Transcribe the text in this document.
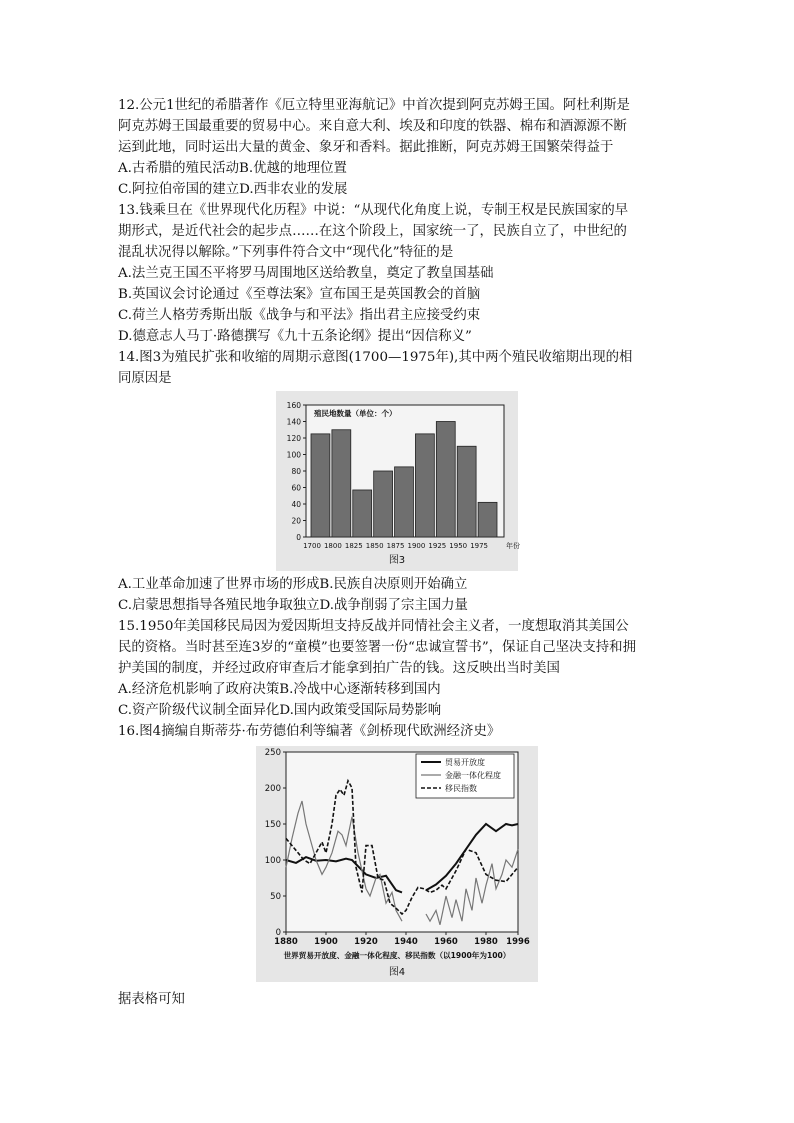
12.公元1世纪的希腊著作《厄立特里亚海航记》中首次提到阿克苏姆王国。阿杜利斯是
阿克苏姆王国最重要的贸易中心。来自意大利、埃及和印度的铁器、棉布和酒源源不断
运到此地，同时运出大量的黄金、象牙和香料。据此推断，阿克苏姆王国繁荣得益于
A.古希腊的殖民活动B.优越的地理位置
C.阿拉伯帝国的建立D.西非农业的发展
13.钱乘旦在《世界现代化历程》中说：“从现代化角度上说，专制王权是民族国家的早
期形式，是近代社会的起步点……在这个阶段上，国家统一了，民族自立了，中世纪的
混乱状况得以解除。”下列事件符合文中“现代化”特征的是
A.法兰克王国丕平将罗马周围地区送给教皇，奠定了教皇国基础
B.英国议会讨论通过《至尊法案》宣布国王是英国教会的首脑
C.荷兰人格劳秀斯出版《战争与和平法》指出君主应接受约束
D.德意志人马丁·路德撰写《九十五条论纲》提出“因信称义”
14.图3为殖民扩张和收缩的周期示意图(1700—1975年),其中两个殖民收缩期出现的相
同原因是
0
20
40
60
80
100
120
140
160
殖民地数量（单位：个）
1700 1800 1825 1850 1875 1900 1925 1950 1975	年份
图3
A.工业革命加速了世界市场的形成B.民族自决原则开始确立
C.启蒙思想指导各殖民地争取独立D.战争削弱了宗主国力量
15.1950年美国移民局因为爱因斯坦支持反战并同情社会主义者，一度想取消其美国公
民的资格。当时甚至连3岁的“童模”也要签署一份“忠诚宣誓书”，保证自己坚决支持和拥
护美国的制度，并经过政府审查后才能拿到拍广告的钱。这反映出当时美国
A.经济危机影响了政府决策B.冷战中心逐渐转移到国内
C.资产阶级代议制全面异化D.国内政策受国际局势影响
16.图4摘编自斯蒂芬·布劳德伯利等编著《剑桥现代欧洲经济史》
0
50
100
150
200
250
1880 1900 1920 1940 1960 1980 1996
贸易开放度
金融一体化程度
移民指数
世界贸易开放度、金融一体化程度、移民指数（以1900年为100）
图4
据表格可知
